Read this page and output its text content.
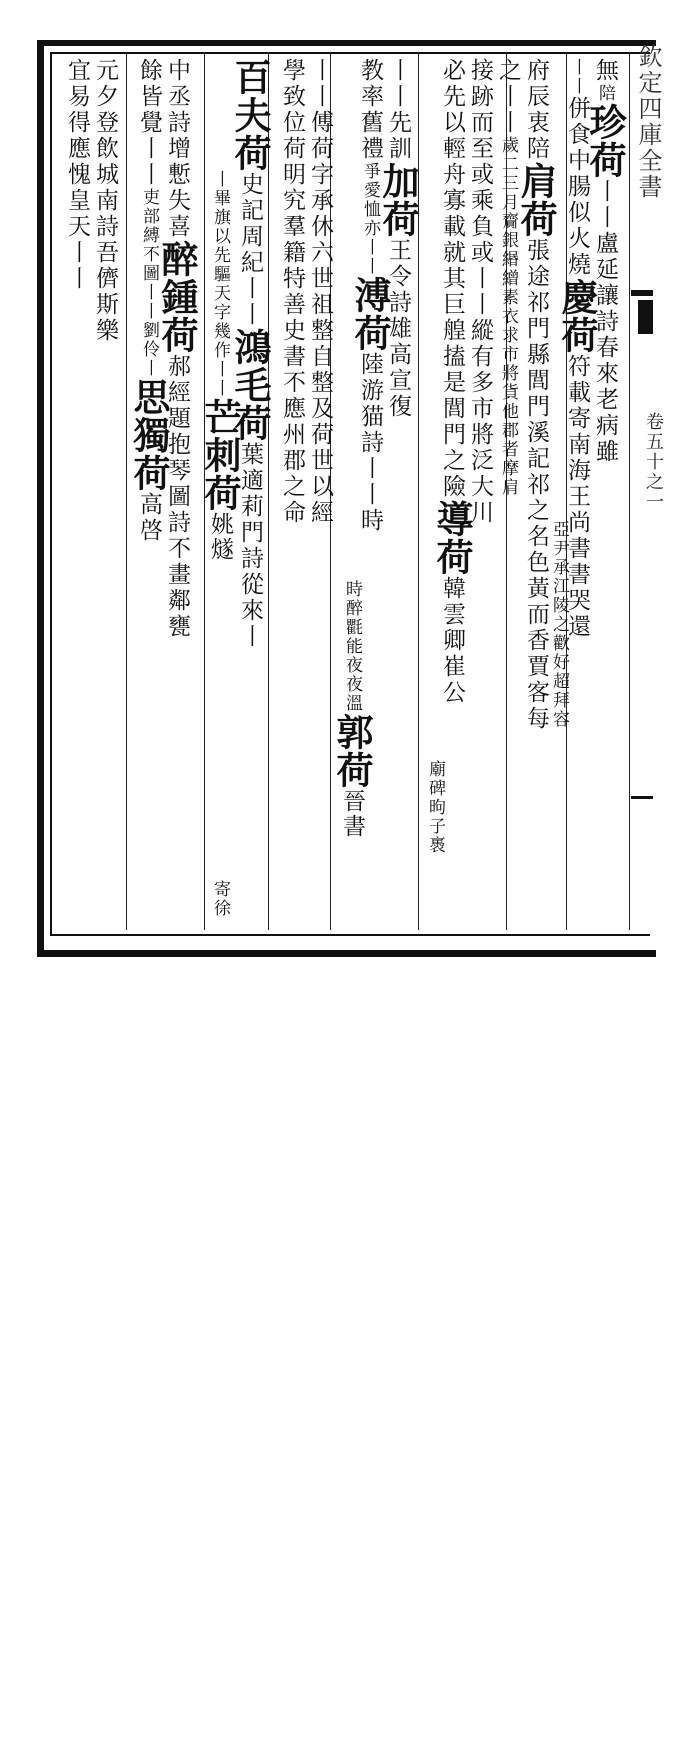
欽定四庫全書
卷五十之一
無陪珍荷丨丨盧延讓詩春來老病雖
丨丨併食中腸似火燒慶荷符載寄南海王尚書書哭還
亞尹承江陵之歡好超拜容
府辰衷陪肩荷張途祁門縣閭門溪記祁之名色黃而香賈客每
之丨丨歲二三月齎銀緡繒素衣求市將貨他郡者摩肩
接跡而至或乘負或丨丨縱有多市將泛大川
必先以輕舟寡載就其巨艎搕是閭門之險導荷韓雲卿崔公
廟碑昫子褭
丨丨先訓加荷王令詩雄高宣復
教率舊禮爭愛恤亦丨丨溥荷陸游猫詩丨丨時
時醉氍能夜夜溫郭荷晉書
丨丨傅荷字承休六世祖整自整及荷世以經
學致位荷明究羣籍特善史書不應州郡之命
百夫荷史記周紀丨丨鴻毛荷葉適莉門詩從來丨
丨畢旗以先驅天字幾作丨丨芒刺荷姚燧
寄徐
中丞詩增慙失喜醉鍾荷郝經題抱琴圖詩不畫鄰甕
餘皆覺丨丨吏部縛不圖丨丨劉伶丨思獨荷高啓
元夕登飲城南詩吾儕斯樂
宜易得應愧皇天丨丨
